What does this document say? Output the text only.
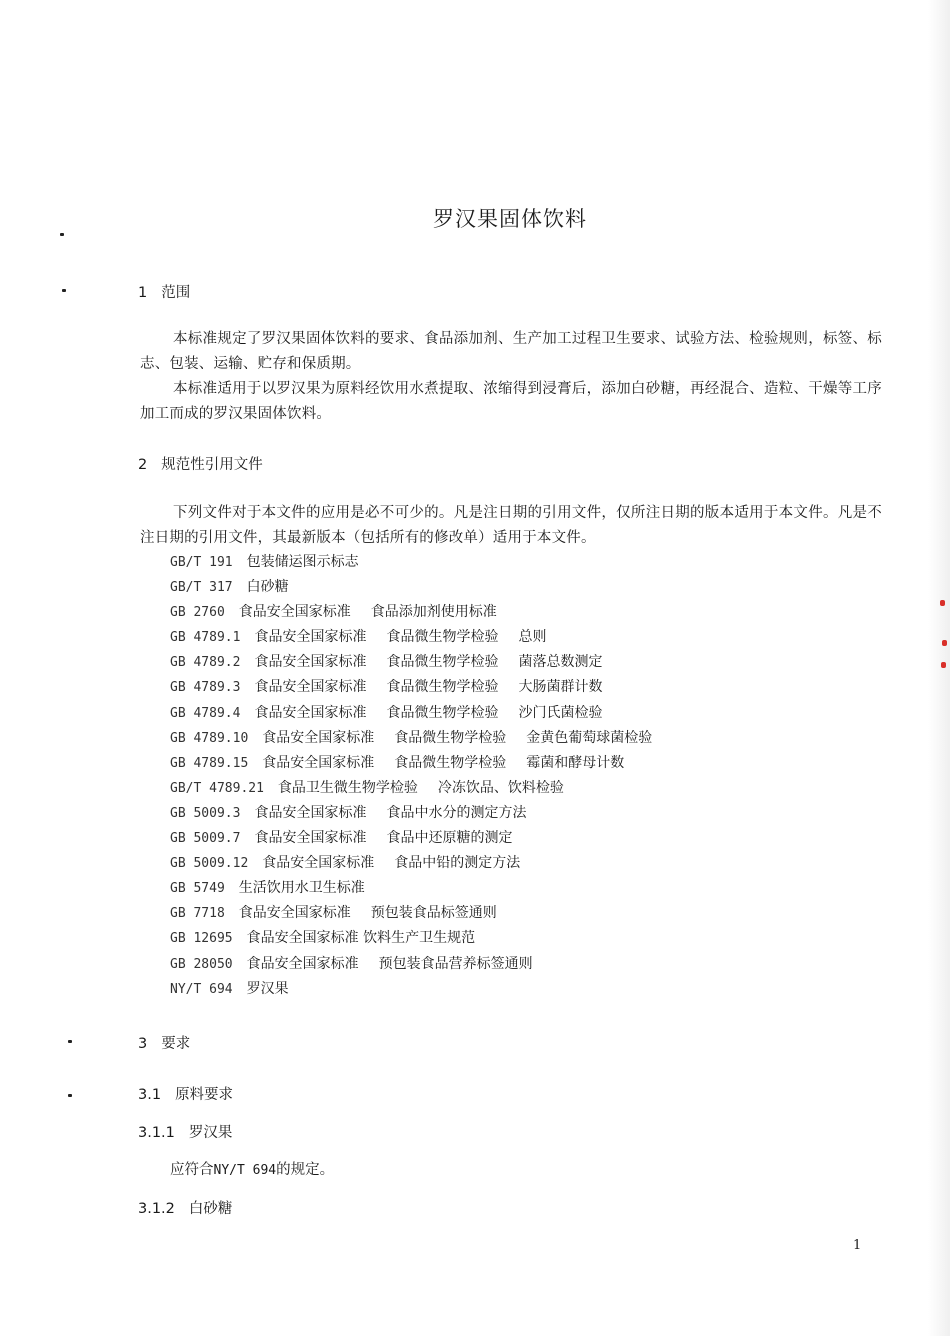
罗汉果固体饮料
1 范围
本标准规定了罗汉果固体饮料的要求、食品添加剂、生产加工过程卫生要求、试验方法、检验规则，标签、标志、包装、运输、贮存和保质期。
本标准适用于以罗汉果为原料经饮用水煮提取、浓缩得到浸膏后，添加白砂糖，再经混合、造粒、干燥等工序加工而成的罗汉果固体饮料。
2 规范性引用文件
下列文件对于本文件的应用是必不可少的。凡是注日期的引用文件，仅所注日期的版本适用于本文件。凡是不注日期的引用文件，其最新版本（包括所有的修改单）适用于本文件。
GB/T 191 包装储运图示标志
GB/T 317 白砂糖
GB 2760 食品安全国家标准 食品添加剂使用标准
GB 4789.1 食品安全国家标准 食品微生物学检验 总则
GB 4789.2 食品安全国家标准 食品微生物学检验 菌落总数测定
GB 4789.3 食品安全国家标准 食品微生物学检验 大肠菌群计数
GB 4789.4 食品安全国家标准 食品微生物学检验 沙门氏菌检验
GB 4789.10 食品安全国家标准 食品微生物学检验 金黄色葡萄球菌检验
GB 4789.15 食品安全国家标准 食品微生物学检验 霉菌和酵母计数
GB/T 4789.21 食品卫生微生物学检验 冷冻饮品、饮料检验
GB 5009.3 食品安全国家标准 食品中水分的测定方法
GB 5009.7 食品安全国家标准 食品中还原糖的测定
GB 5009.12 食品安全国家标准 食品中铅的测定方法
GB 5749 生活饮用水卫生标准
GB 7718 食品安全国家标准 预包装食品标签通则
GB 12695 食品安全国家标准 饮料生产卫生规范
GB 28050 食品安全国家标准 预包装食品营养标签通则
NY/T 694 罗汉果
3 要求
3.1 原料要求
3.1.1 罗汉果
应符合NY/T 694的规定。
3.1.2 白砂糖
1
